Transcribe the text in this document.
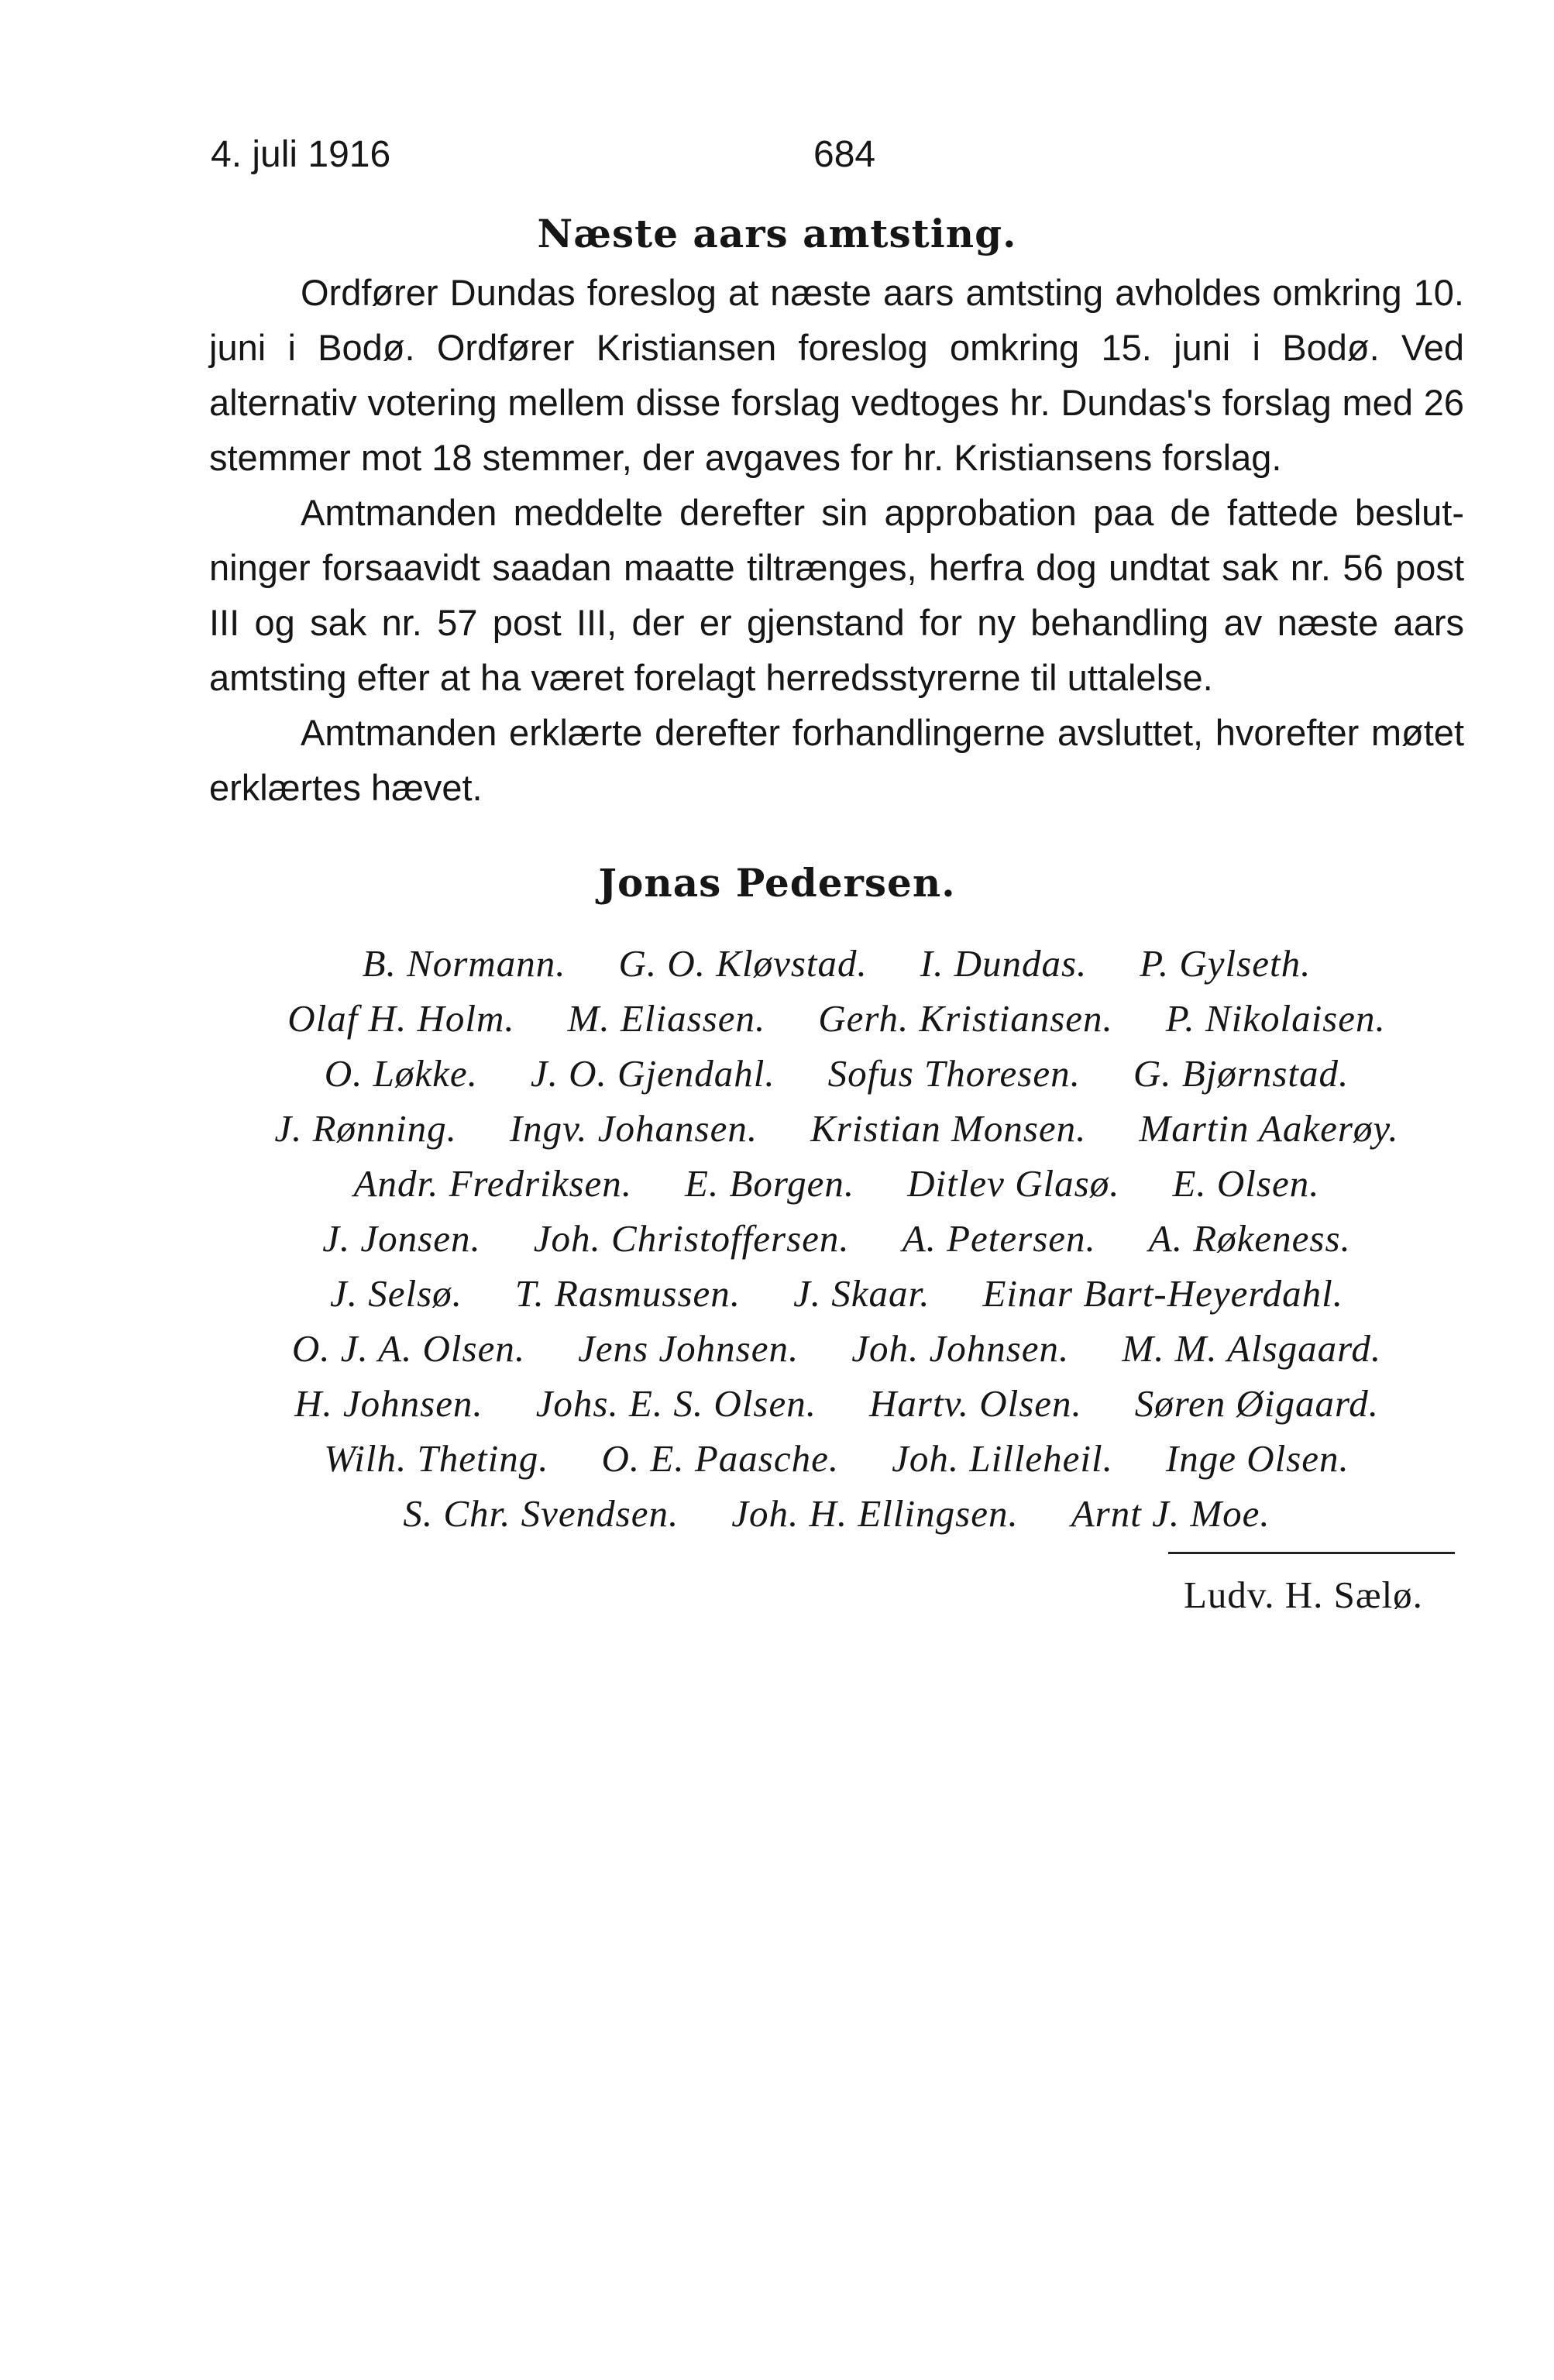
4. juli 1916	684
Næste aars amtsting.

Ordfører Dundas foreslog at næste aars amtsting avholdes omkring 10. juni i Bodø. Ordfører Kristiansen foreslog omkring 15. juni i Bodø. Ved alternativ votering mellem disse forslag vedtoges hr. Dundas's forslag med 26 stemmer mot 18 stemmer, der avgaves for hr. Kristiansens forslag.

Amtmanden meddelte derefter sin approbation paa de fattede beslutninger forsaavidt saadan maatte tiltrænges, herfra dog undtat sak nr. 56 post III og sak nr. 57 post III, der er gjenstand for ny behandling av næste aars amtsting efter at ha været forelagt herredsstyrerne til uttalelse.

Amtmanden erklærte derefter forhandlingerne avsluttet, hvorefter møtet erklærtes hævet.

Jonas Pedersen.
B. Normann. G. O. Kløvstad. I. Dundas. P. Gylseth.
Olaf H. Holm. M. Eliassen. Gerh. Kristiansen. P. Nikolaisen.
O. Løkke. J. O. Gjendahl. Sofus Thoresen. G. Bjørnstad.
J. Rønning. Ingv. Johansen. Kristian Monsen. Martin Aakerøy.
Andr. Fredriksen. E. Borgen. Ditlev Glasø. E. Olsen.
J. Jonsen. Joh. Christoffersen. A. Petersen. A. Røkeness.
J. Selsø. T. Rasmussen. J. Skaar. Einar Bart-Heyerdahl.
O. J. A. Olsen. Jens Johnsen. Joh. Johnsen. M. M. Alsgaard.
H. Johnsen. Johs. E. S. Olsen. Hartv. Olsen. Søren Øigaard.
Wilh. Theting. O. E. Paasche. Joh. Lilleheil. Inge Olsen.
S. Chr. Svendsen. Joh. H. Ellingsen. Arnt J. Moe.
Ludv. H. Sælø.
